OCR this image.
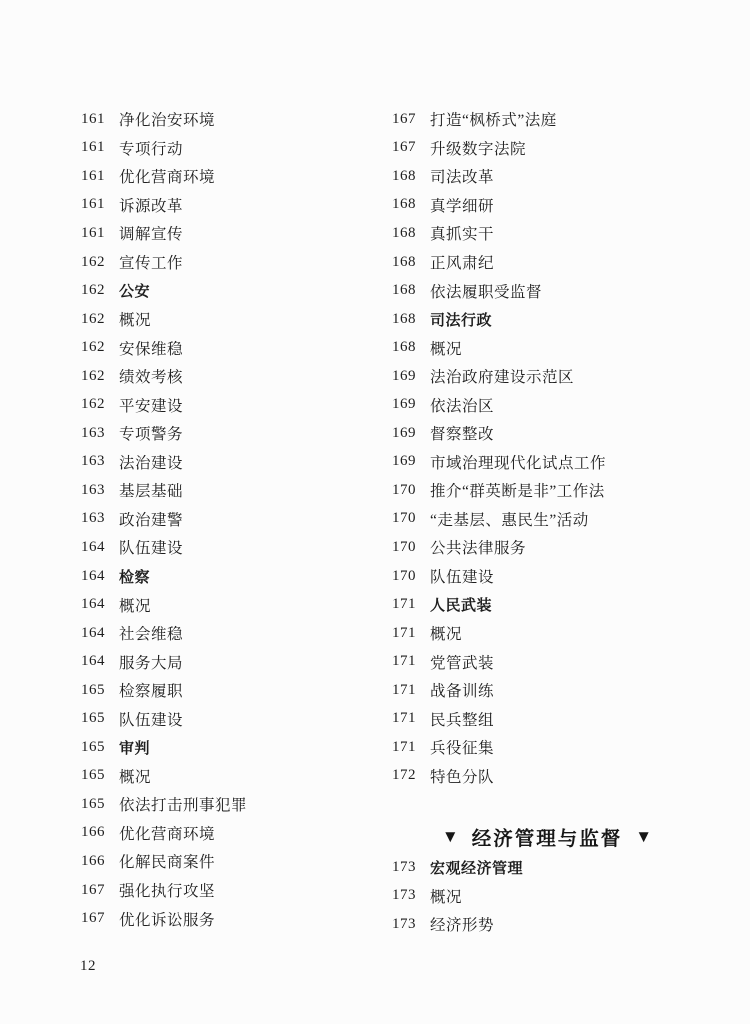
161 净化治安环境
161 专项行动
161 优化营商环境
161 诉源改革
161 调解宣传
162 宣传工作
162 公安
162 概况
162 安保维稳
162 绩效考核
162 平安建设
163 专项警务
163 法治建设
163 基层基础
163 政治建警
164 队伍建设
164 检察
164 概况
164 社会维稳
164 服务大局
165 检察履职
165 队伍建设
165 审判
165 概况
165 依法打击刑事犯罪
166 优化营商环境
166 化解民商案件
167 强化执行攻坚
167 优化诉讼服务
167 打造“枫桥式”法庭
167 升级数字法院
168 司法改革
168 真学细研
168 真抓实干
168 正风肃纪
168 依法履职受监督
168 司法行政
168 概况
169 法治政府建设示范区
169 依法治区
169 督察整改
169 市域治理现代化试点工作
170 推介“群英断是非”工作法
170 “走基层、惠民生”活动
170 公共法律服务
170 队伍建设
171 人民武装
171 概况
171 党管武装
171 战备训练
171 民兵整组
171 兵役征集
172 特色分队
▼ 经济管理与监督 ▼
173 宏观经济管理
173 概况
173 经济形势
12
